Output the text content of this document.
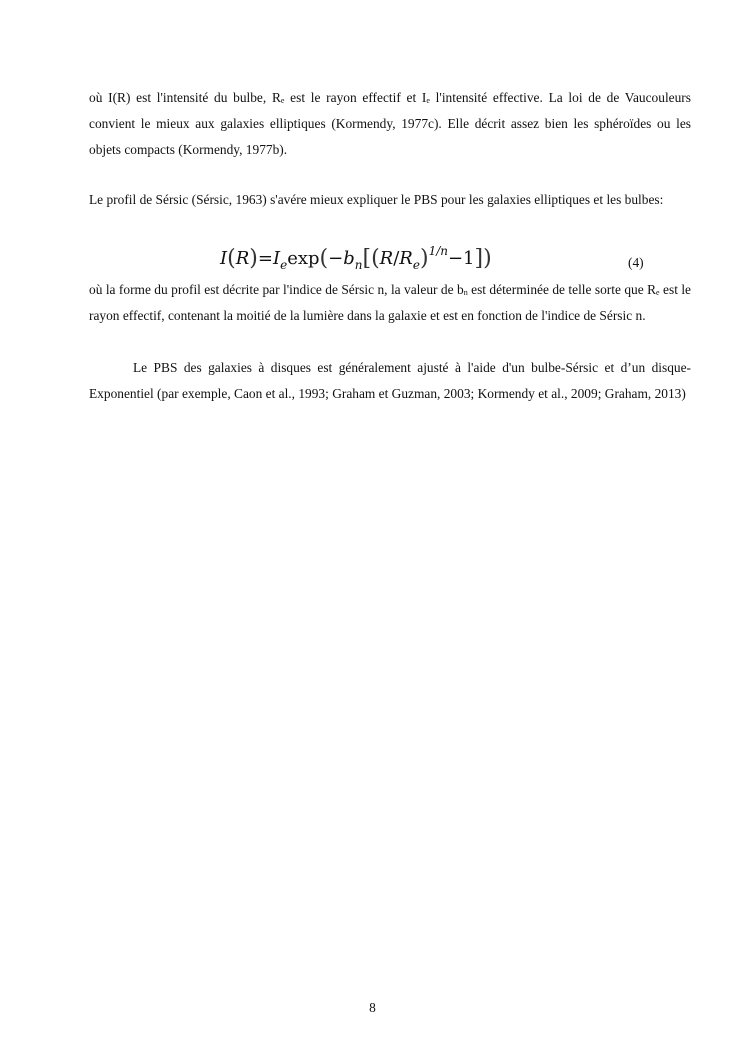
où I(R) est l'intensité du bulbe, Re est le rayon effectif et Ie l'intensité effective. La loi de de Vaucouleurs convient le mieux aux galaxies elliptiques (Kormendy, 1977c). Elle décrit assez bien les sphéroïdes ou les objets compacts (Kormendy, 1977b).

Le profil de Sérsic (Sérsic, 1963) s'avére mieux expliquer le PBS pour les galaxies elliptiques et les bulbes:

$I(R)=I_e\exp(-b_n[(R/R_e)^{1/n}-1])$	(4)

où la forme du profil est décrite par l'indice de Sérsic n, la valeur de bn est déterminée de telle sorte que Re est le rayon effectif, contenant la moitié de la lumière dans la galaxie et est en fonction de l'indice de Sérsic n.

Le PBS des galaxies à disques est généralement ajusté à l'aide d'un bulbe-Sérsic et d’un disque-Exponentiel (par exemple, Caon et al., 1993; Graham et Guzman, 2003; Kormendy et al., 2009; Graham, 2013)

8
